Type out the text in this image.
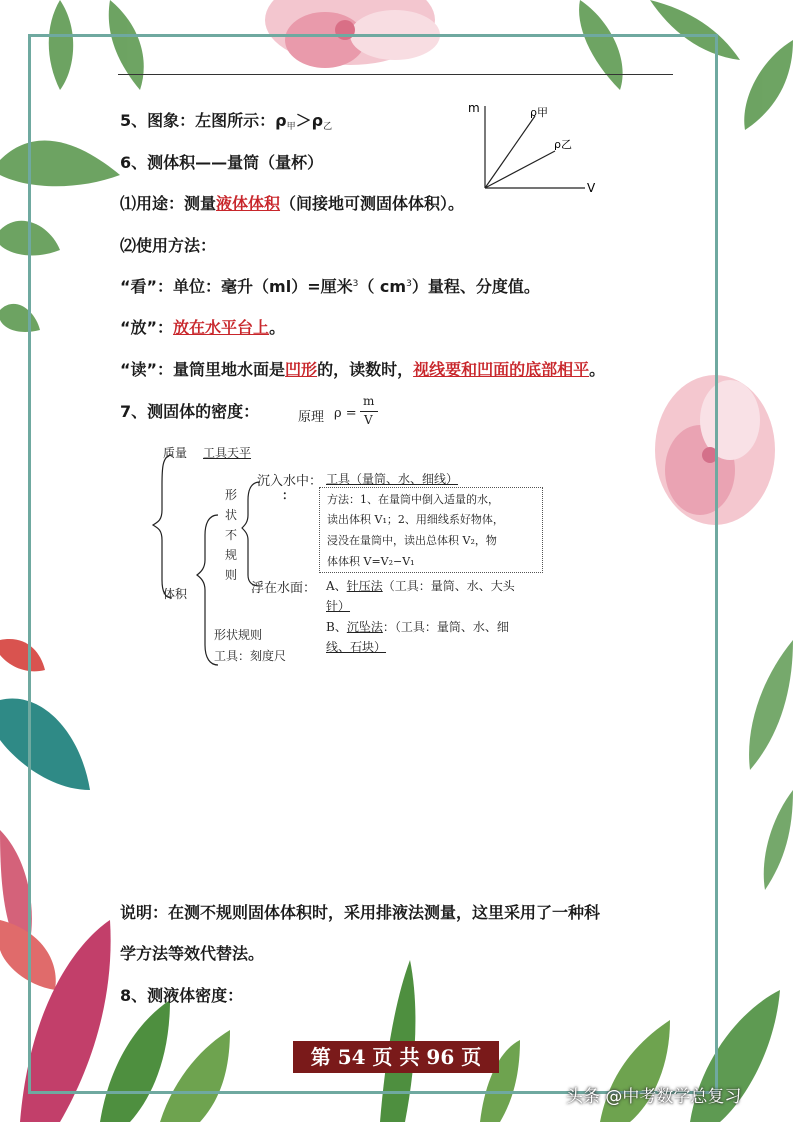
5、图象：左图所示：$\rho_甲>\rho_乙$
m
V
ρ甲
ρ乙
6、测体积——量筒（量杯）
⑴用途：测量液体体积（间接地可测固体体积）。
⑵使用方法：
“看”：单位：毫升（ml）=厘米$^3$（ $cm^3$）量程、分度值。
“放”：放在水平台上。
“读”：量筒里地水面是凹形的，读数时，视线要和凹面的底部相平。
7、测固体的密度：	原理 ρ =
m
V
质量 工具天平
体积
形
状
不
规
则
沉入水中： 工具（量筒、水、细线）
：	方法：1、在量筒中倒入适量的水，
读出体积 V₁；2、用细线系好物体，
浸没在量筒中，读出总体积 V₂，物
体体积 V=V₂−V₁
浮在水面： A、针压法（工具：量筒、水、大头
针）
B、沉坠法：（工具：量筒、水、细
线、石块）
形状规则
工具：刻度尺
说明：在测不规则固体体积时，采用排液法测量，这里采用了一种科
学方法等效代替法。
8、测液体密度：
第 54 页 共 96 页
头条 @中考数学总复习
